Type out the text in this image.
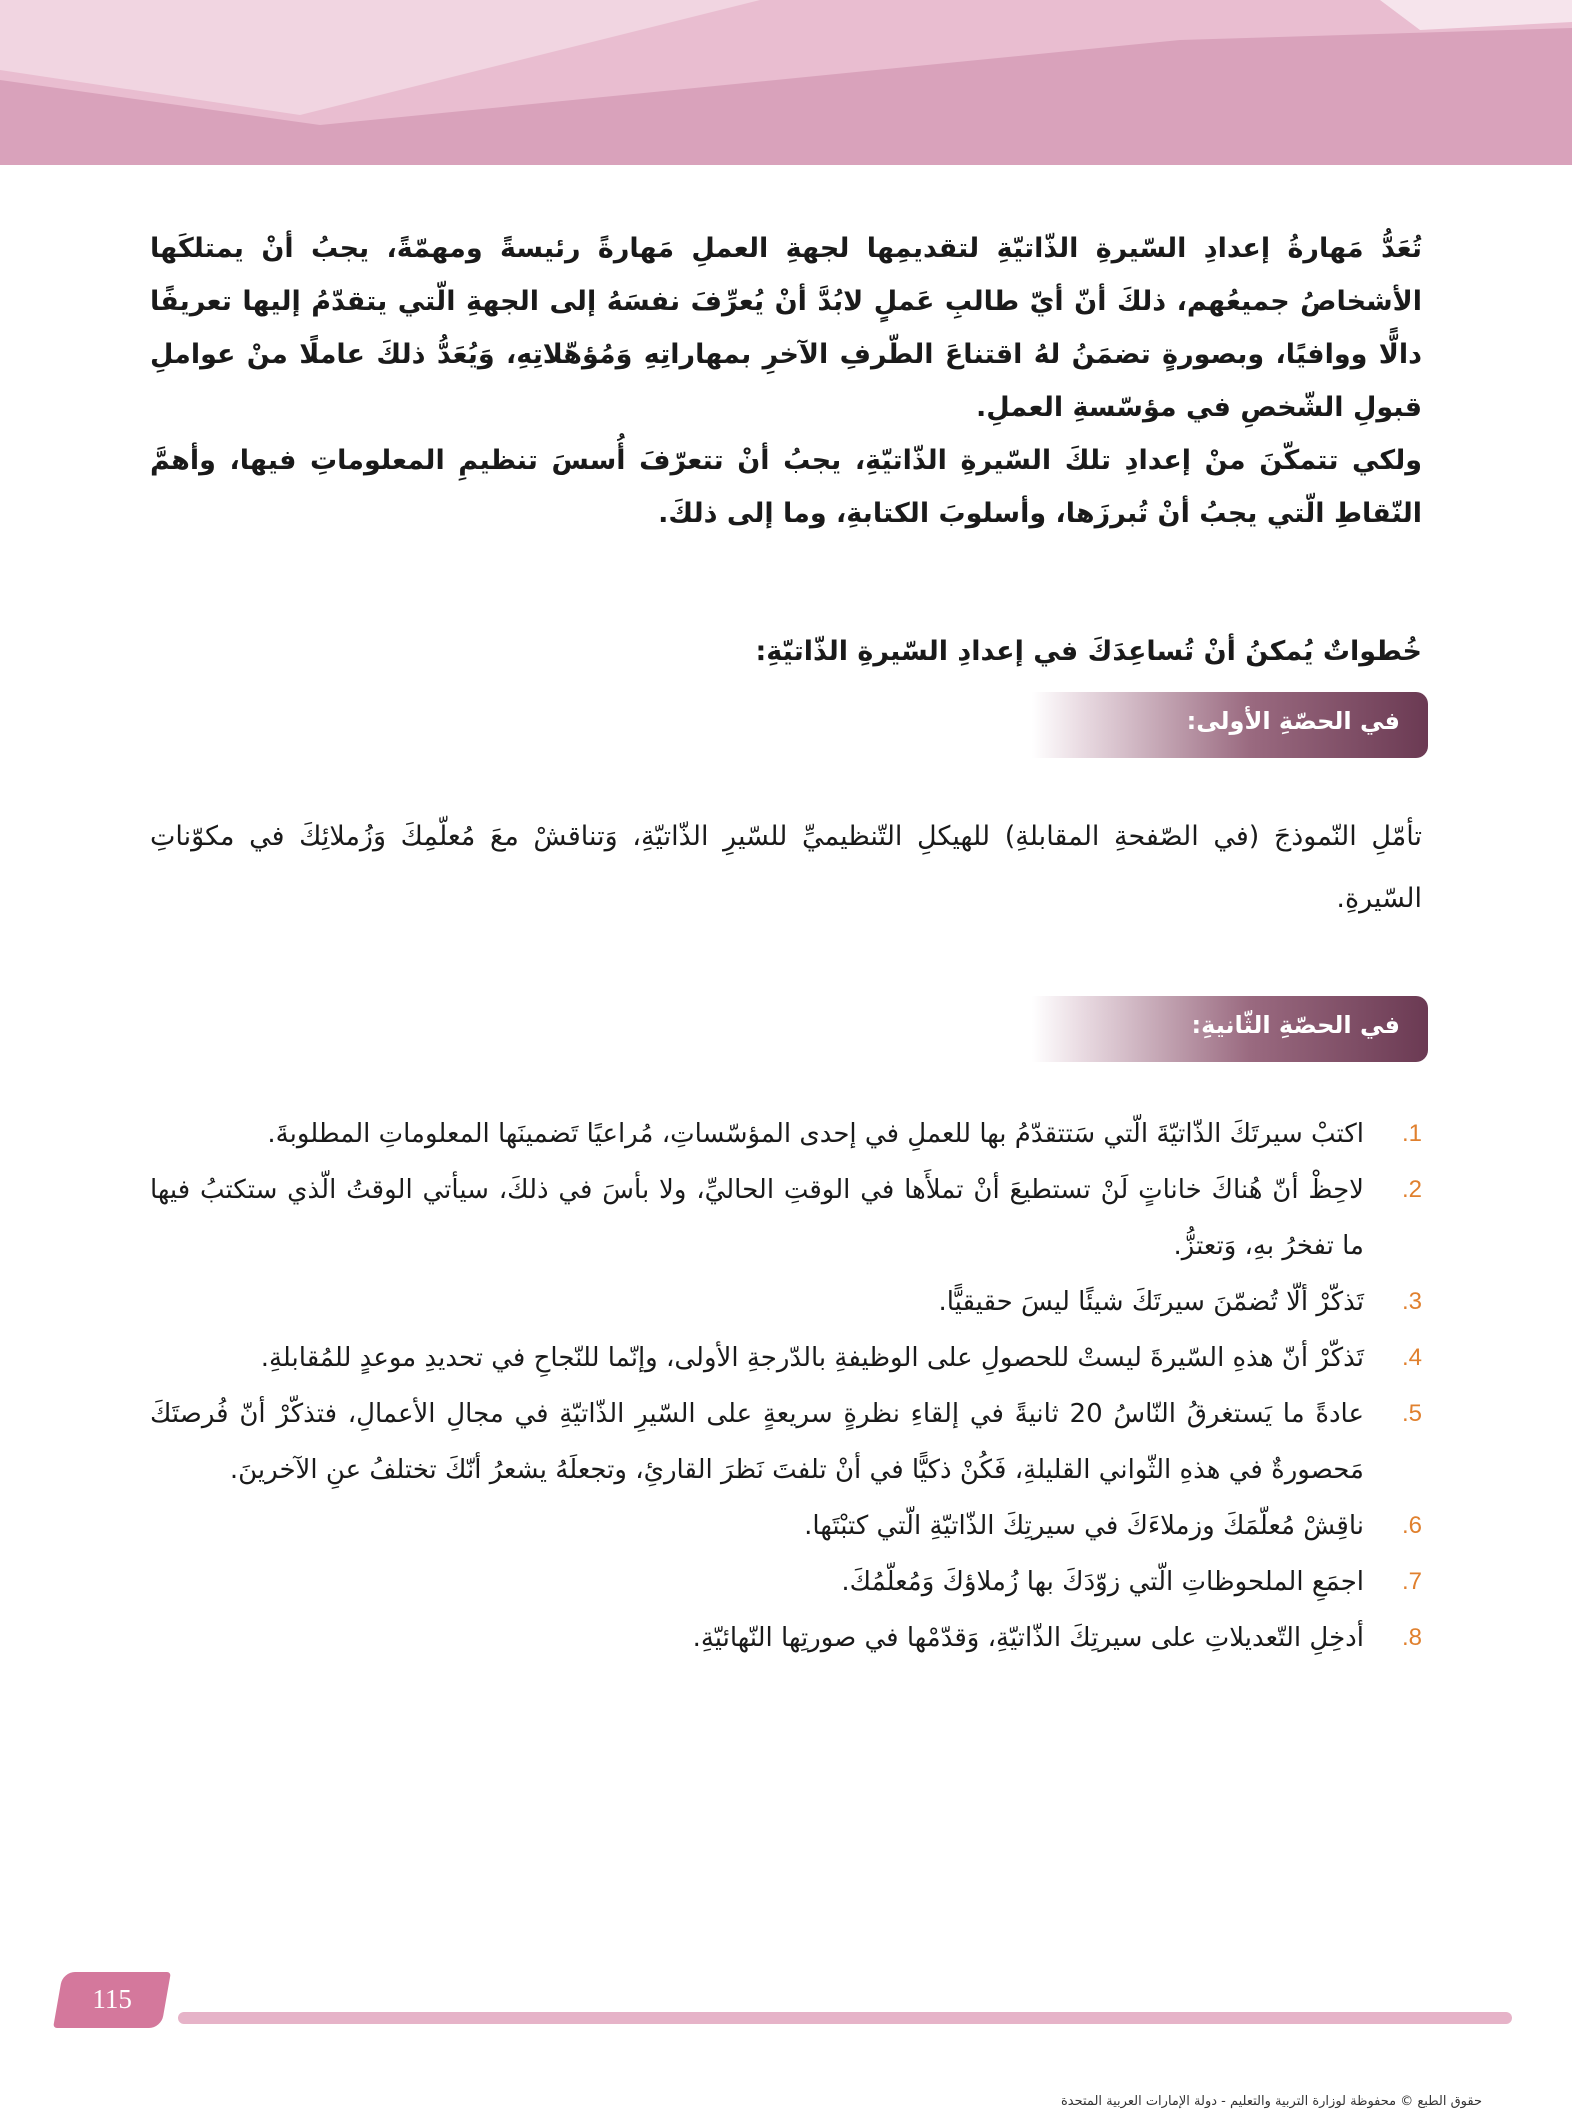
تُعَدُّ مَهارةُ إعدادِ السّيرةِ الذّاتيّةِ لتقديمِها لجهةِ العملِ مَهارةً رئيسةً ومهمّةً، يجبُ أنْ يمتلكَها الأشخاصُ جميعُهم، ذلكَ أنّ أيّ طالبِ عَملٍ لابُدَّ أنْ يُعرِّفَ نفسَهُ إلى الجهةِ الّتي يتقدّمُ إليها تعريفًا دالًّا ووافيًا، وبصورةٍ تضمَنُ لهُ اقتناعَ الطّرفِ الآخرِ بمهاراتِهِ وَمُؤهّلاتِهِ، وَيُعَدُّ ذلكَ عاملًا منْ عواملِ قبولِ الشّخصِ في مؤسّسةِ العملِ.

ولكي تتمكّنَ منْ إعدادِ تلكَ السّيرةِ الذّاتيّةِ، يجبُ أنْ تتعرّفَ أُسسَ تنظيمِ المعلوماتِ فيها، وأهمَّ النّقاطِ الّتي يجبُ أنْ تُبرزَها، وأسلوبَ الكتابةِ، وما إلى ذلكَ.

خُطواتٌ يُمكنُ أنْ تُساعِدَكَ في إعدادِ السّيرةِ الذّاتيّةِ:
في الحصّةِ الأولى:

تأمّلِ النّموذجَ (في الصّفحةِ المقابلةِ) للهيكلِ التّنظيميِّ للسّيرِ الذّاتيّةِ، وَتناقشْ معَ مُعلّمِكَ وَزُملائِكَ في مكوّناتِ السّيرةِ.

في الحصّةِ الثّانيةِ:
1.
اكتبْ سيرتَكَ الذّاتيّةَ الّتي سَتتقدّمُ بها للعملِ في إحدى المؤسّساتِ، مُراعيًا تَضمينَها المعلوماتِ المطلوبةَ.
2.
لاحِظْ أنّ هُناكَ خاناتٍ لَنْ تستطيعَ أنْ تملأَها في الوقتِ الحاليِّ، ولا بأسَ في ذلكَ، سيأتي الوقتُ الّذي ستكتبُ فيها ما تفخرُ بهِ، وَتعتزُّ.
3.
تَذكّرْ ألّا تُضمّنَ سيرتَكَ شيئًا ليسَ حقيقيًّا.
4.
تَذكّرْ أنّ هذهِ السّيرةَ ليستْ للحصولِ على الوظيفةِ بالدّرجةِ الأولى، وإنّما للنّجاحِ في تحديدِ موعدٍ للمُقابلةِ.
5.
عادةً ما يَستغرقُ النّاسُ 20 ثانيةً في إلقاءِ نظرةٍ سريعةٍ على السّيرِ الذّاتيّةِ في مجالِ الأعمالِ، فتذكّرْ أنّ فُرصتَكَ مَحصورةٌ في هذهِ الثّواني القليلةِ، فَكُنْ ذكيًّا في أنْ تلفتَ نَظرَ القارئِ، وتجعلَهُ يشعرُ أنّكَ تختلفُ عنِ الآخرينَ.
6.
ناقِشْ مُعلّمَكَ وزملاءَكَ في سيرتِكَ الذّاتيّةِ الّتي كتبْتَها.
7.
اجمَعِ الملحوظاتِ الّتي زوّدَكَ بها زُملاؤكَ وَمُعلّمُكَ.
8.
أدخِلِ التّعديلاتِ على سيرتِكَ الذّاتيّةِ، وَقدّمْها في صورتِها النّهائيّةِ.
115
حقوق الطبع © محفوظة لوزارة التربية والتعليم - دولة الإمارات العربية المتحدة
